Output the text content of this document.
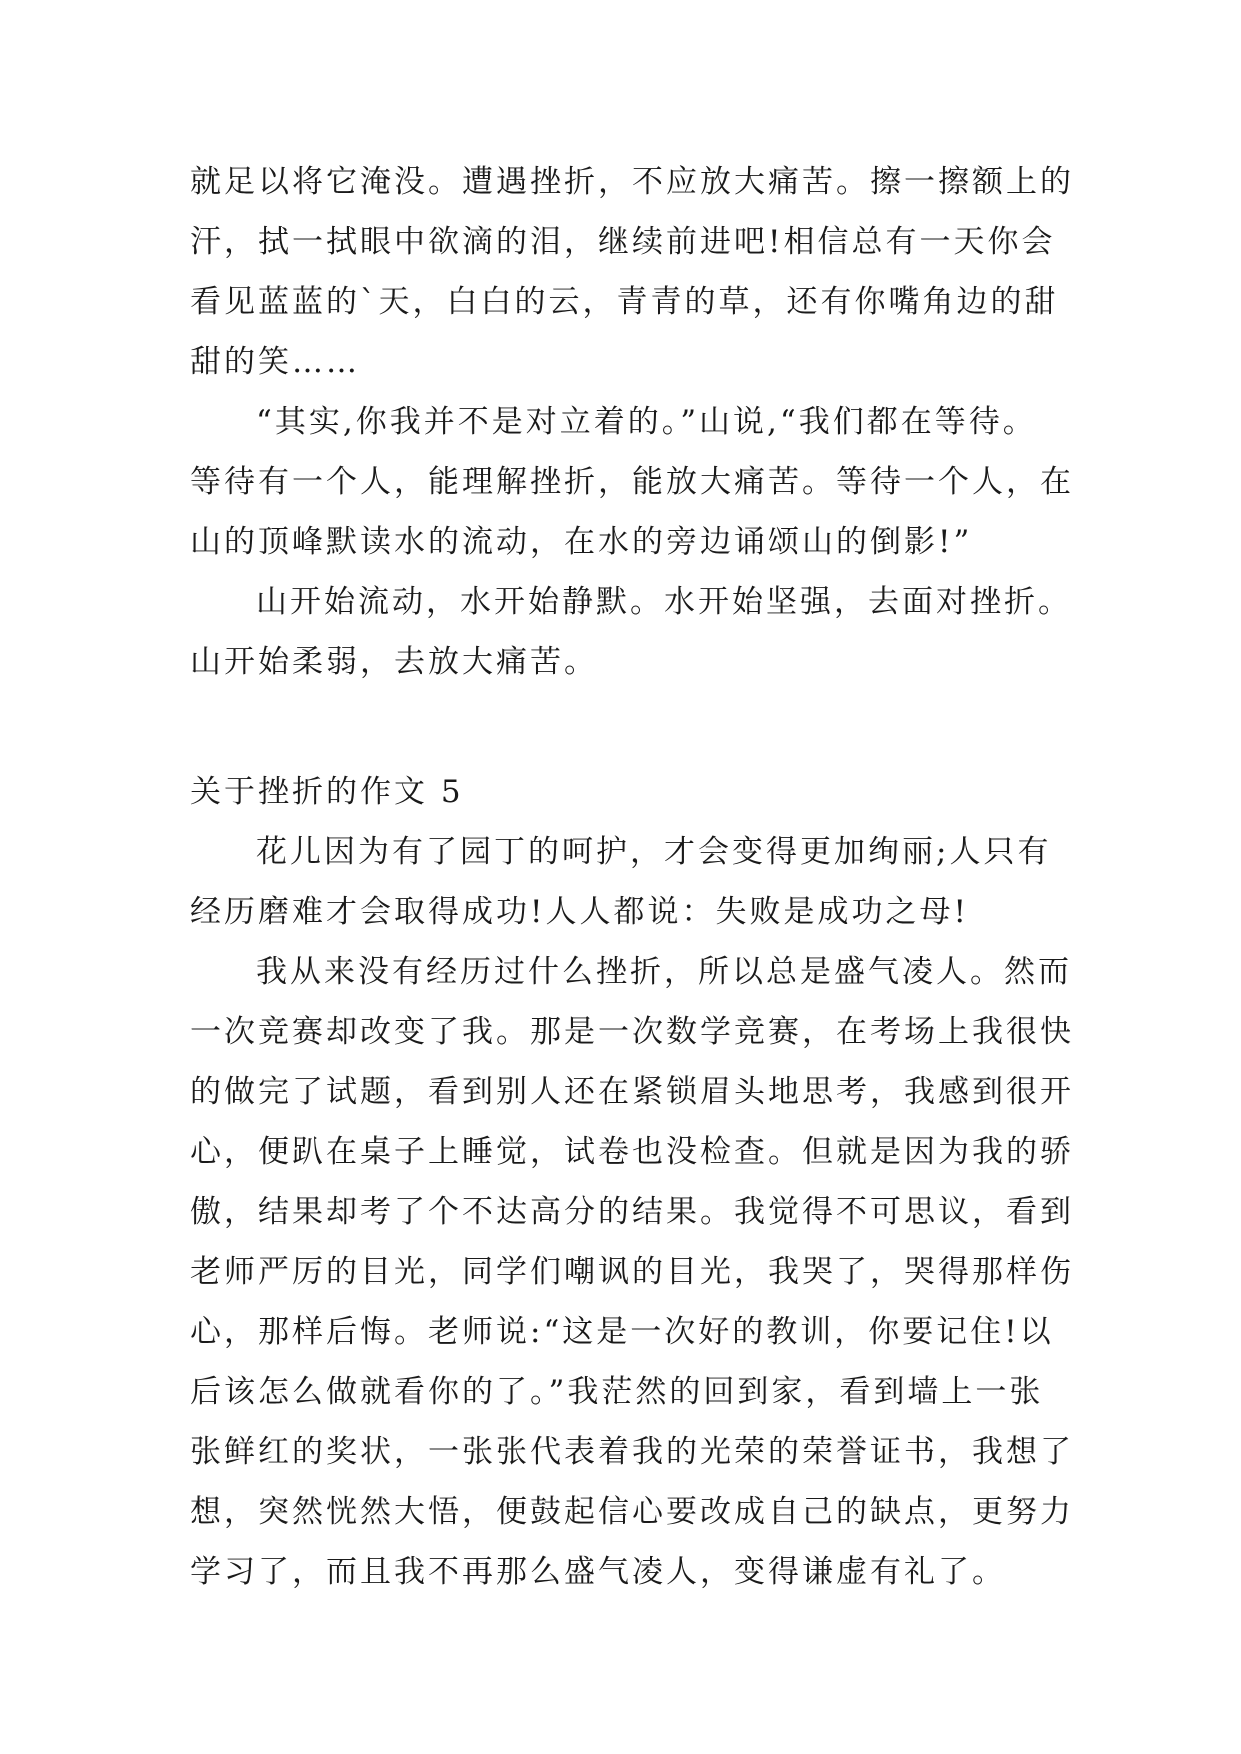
就足以将它淹没。遭遇挫折，不应放大痛苦。擦一擦额上的
汗，拭一拭眼中欲滴的泪，继续前进吧!相信总有一天你会
看见蓝蓝的`天，白白的云，青青的草，还有你嘴角边的甜
甜的笑……
“其实,你我并不是对立着的。”山说,“我们都在等待。
等待有一个人，能理解挫折，能放大痛苦。等待一个人，在
山的顶峰默读水的流动，在水的旁边诵颂山的倒影!”
山开始流动，水开始静默。水开始坚强，去面对挫折。
山开始柔弱，去放大痛苦。
关于挫折的作文 5
花儿因为有了园丁的呵护，才会变得更加绚丽;人只有
经历磨难才会取得成功!人人都说：失败是成功之母!
我从来没有经历过什么挫折，所以总是盛气凌人。然而
一次竞赛却改变了我。那是一次数学竞赛，在考场上我很快
的做完了试题，看到别人还在紧锁眉头地思考，我感到很开
心，便趴在桌子上睡觉，试卷也没检查。但就是因为我的骄
傲，结果却考了个不达高分的结果。我觉得不可思议，看到
老师严厉的目光，同学们嘲讽的目光，我哭了，哭得那样伤
心，那样后悔。老师说:“这是一次好的教训，你要记住!以
后该怎么做就看你的了。”我茫然的回到家，看到墙上一张
张鲜红的奖状，一张张代表着我的光荣的荣誉证书，我想了
想，突然恍然大悟，便鼓起信心要改成自己的缺点，更努力
学习了，而且我不再那么盛气凌人，变得谦虚有礼了。
